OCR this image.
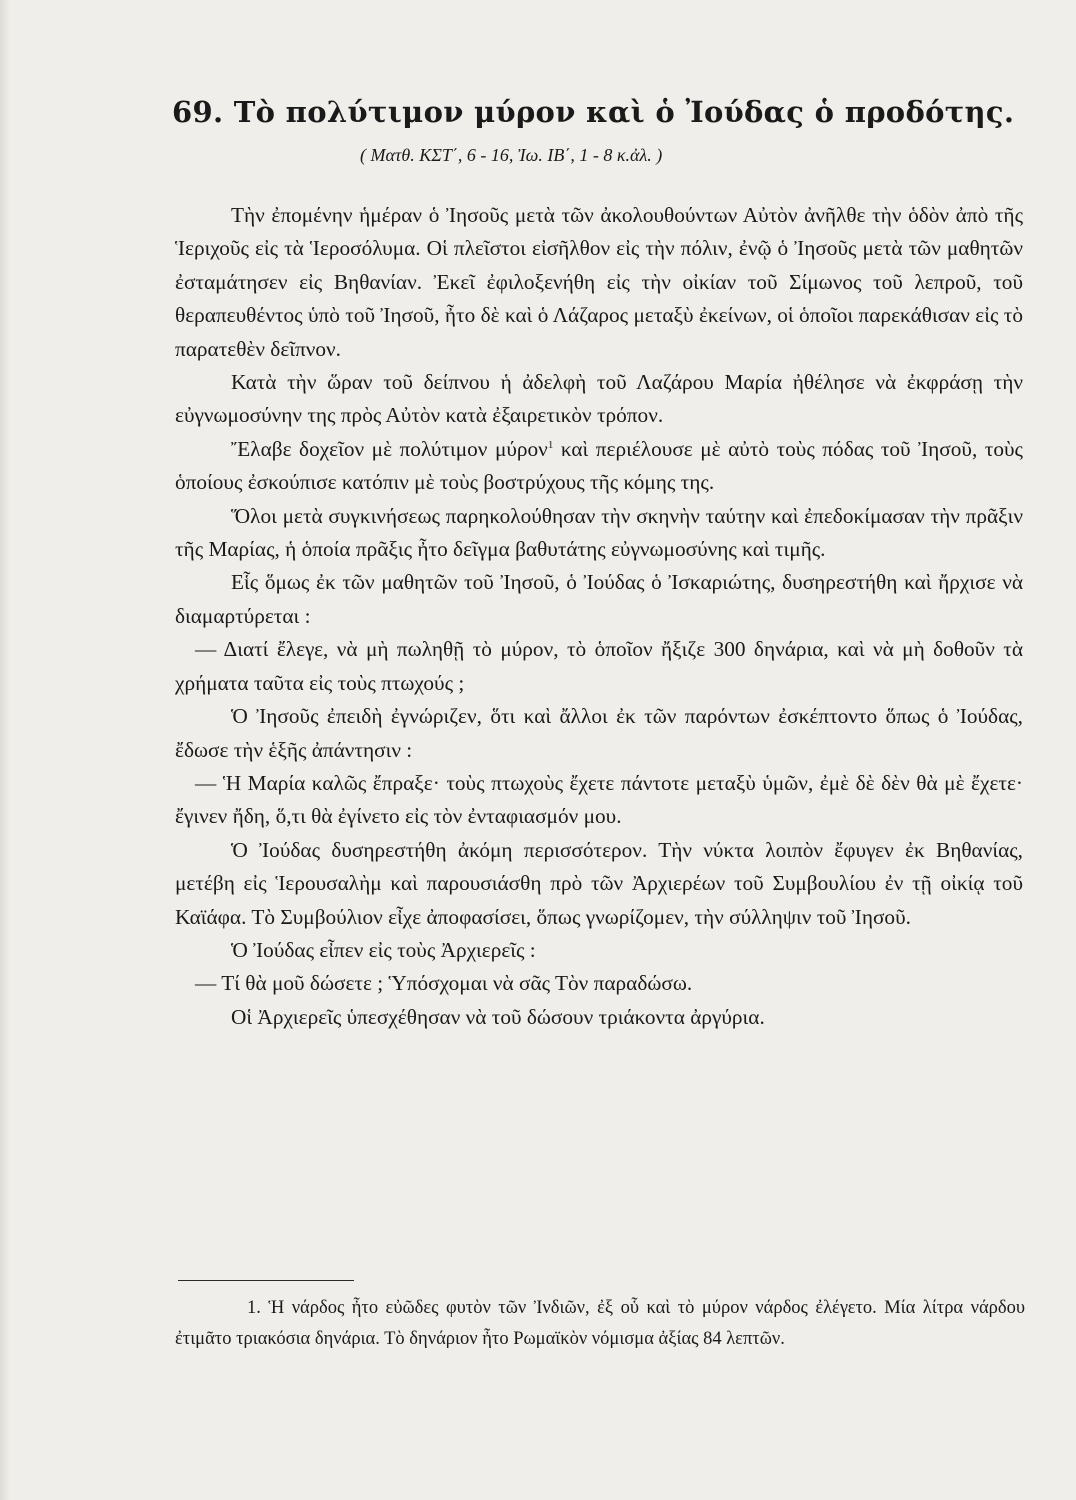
69. Τὸ πολύτιμον μύρον καὶ ὁ Ἰούδας ὁ προδότης.

( Ματθ. ΚΣΤ΄, 6 - 16, Ἰω. ΙΒ΄, 1 - 8 κ.ἀλ. )

Τὴν ἐπομένην ἡμέραν ὁ Ἰησοῦς μετὰ τῶν ἀκολουθούντων Αὐτὸν ἀνῆλθε τὴν ὁδὸν ἀπὸ τῆς Ἱεριχοῦς εἰς τὰ Ἱεροσόλυμα. Οἱ πλεῖστοι εἰσῆλθον εἰς τὴν πόλιν, ἐνῷ ὁ Ἰησοῦς μετὰ τῶν μαθητῶν ἐσταμάτησεν εἰς Βηθανίαν. Ἐκεῖ ἐφιλοξενήθη εἰς τὴν οἰκίαν τοῦ Σίμωνος τοῦ λεπροῦ, τοῦ θεραπευθέντος ὑπὸ τοῦ Ἰησοῦ, ἦτο δὲ καὶ ὁ Λάζαρος μεταξὺ ἐκείνων, οἱ ὁποῖοι παρεκάθισαν εἰς τὸ παρατεθὲν δεῖπνον.

Κατὰ τὴν ὥραν τοῦ δείπνου ἡ ἀδελφὴ τοῦ Λαζάρου Μαρία ἠθέλησε νὰ ἐκφράσῃ τὴν εὐγνωμοσύνην της πρὸς Αὐτὸν κατὰ ἐξαιρετικὸν τρόπον.

Ἔλαβε δοχεῖον μὲ πολύτιμον μύρον$^1$ καὶ περιέλουσε μὲ αὐτὸ τοὺς πόδας τοῦ Ἰησοῦ, τοὺς ὁποίους ἐσκούπισε κατόπιν μὲ τοὺς βοστρύχους τῆς κόμης της.

Ὅλοι μετὰ συγκινήσεως παρηκολούθησαν τὴν σκηνὴν ταύτην καὶ ἐπεδοκίμασαν τὴν πρᾶξιν τῆς Μαρίας, ἡ ὁποία πρᾶξις ἦτο δεῖγμα βαθυτάτης εὐγνωμοσύνης καὶ τιμῆς.

Εἷς ὅμως ἐκ τῶν μαθητῶν τοῦ Ἰησοῦ, ὁ Ἰούδας ὁ Ἰσκαριώτης, δυσηρεστήθη καὶ ἤρχισε νὰ διαμαρτύρεται :

— Διατί ἔλεγε, νὰ μὴ πωληθῇ τὸ μύρον, τὸ ὁποῖον ἤξιζε 300 δηνάρια, καὶ νὰ μὴ δοθοῦν τὰ χρήματα ταῦτα εἰς τοὺς πτωχούς ;

Ὁ Ἰησοῦς ἐπειδὴ ἐγνώριζεν, ὅτι καὶ ἄλλοι ἐκ τῶν παρόντων ἐσκέπτοντο ὅπως ὁ Ἰούδας, ἔδωσε τὴν ἑξῆς ἀπάντησιν :

— Ἡ Μαρία καλῶς ἔπραξε· τοὺς πτωχοὺς ἔχετε πάντοτε μεταξὺ ὑμῶν, ἐμὲ δὲ δὲν θὰ μὲ ἔχετε· ἔγινεν ἤδη, ὅ,τι θὰ ἐγίνετο εἰς τὸν ἐνταφιασμόν μου.

Ὁ Ἰούδας δυσηρεστήθη ἀκόμη περισσότερον. Τὴν νύκτα λοιπὸν ἔφυγεν ἐκ Βηθανίας, μετέβη εἰς Ἱερουσαλὴμ καὶ παρουσιάσθη πρὸ τῶν Ἀρχιερέων τοῦ Συμβουλίου ἐν τῇ οἰκίᾳ τοῦ Καϊάφα. Τὸ Συμβούλιον εἶχε ἀποφασίσει, ὅπως γνωρίζομεν, τὴν σύλληψιν τοῦ Ἰησοῦ.

Ὁ Ἰούδας εἶπεν εἰς τοὺς Ἀρχιερεῖς :

— Τί θὰ μοῦ δώσετε ; Ὑπόσχομαι νὰ σᾶς Τὸν παραδώσω.

Οἱ Ἀρχιερεῖς ὑπεσχέθησαν νὰ τοῦ δώσουν τριάκοντα ἀργύρια.

1. Ἡ νάρδος ἦτο εὐῶδες φυτὸν τῶν Ἰνδιῶν, ἐξ οὗ καὶ τὸ μύρον νάρδος ἐλέγετο. Μία λίτρα νάρδου ἐτιμᾶτο τριακόσια δηνάρια. Τὸ δηνάριον ἦτο Ρωμαϊκὸν νόμισμα ἀξίας 84 λεπτῶν.
